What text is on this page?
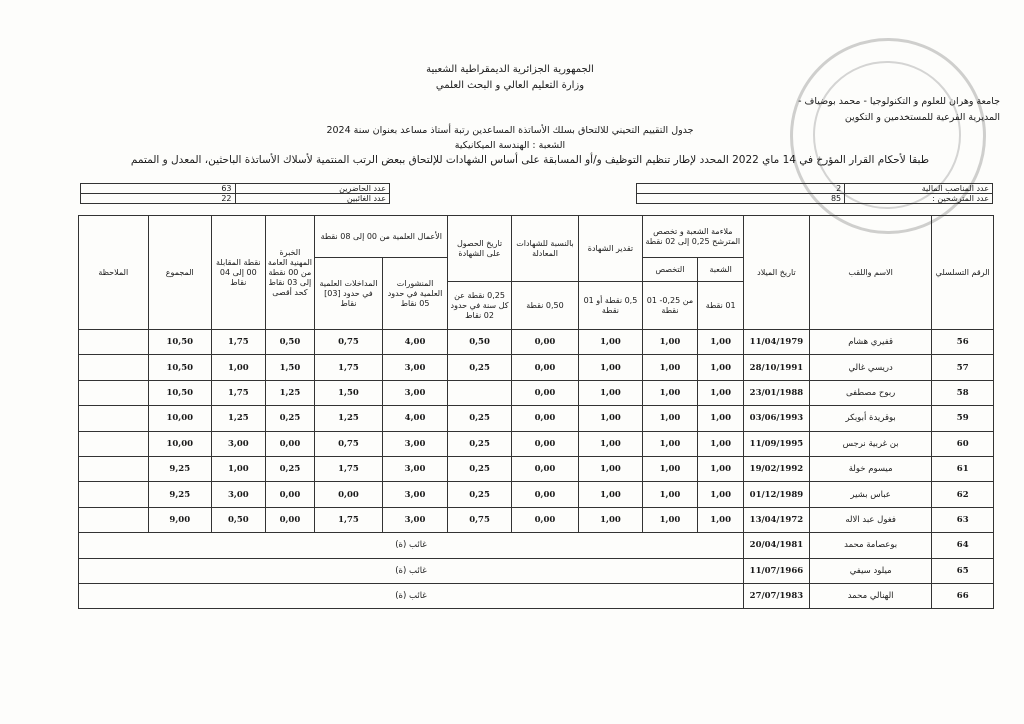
الجمهورية الجزائرية الديمقراطية الشعبية
وزارة التعليم العالي و البحث العلمي
جامعة وهران للعلوم و التكنولوجيا - محمد بوضياف -
المديرية الفرعية للمستخدمين و التكوين
جدول التقييم التحيني للالتحاق بسلك الأساتذة المساعدين رتبة أستاذ مساعد بعنوان سنة 2024
الشعبة : الهندسة الميكانيكية
طبقا لأحكام القرار المؤرخ في 14 ماي 2022 المحدد لإطار تنظيم التوظيف و/أو المسابقة على أساس الشهادات للإلتحاق ببعض الرتب المنتمية لأسلاك الأساتذة الباحثين، المعدل و المتمم
63	عدد الحاضرين
22	عدد الغائبين
2	عدد المناصب المالية
85	عدد المترشحين :
الرقم التسلسلي	الاسم واللقب	تاريخ الميلاد	ملاءمة الشعبة و تخصص المترشح 0,25 إلى 02 نقطة		تقدير الشهادة	بالنسبة للشهادات المعادلة	تاريخ الحصول على الشهادة	الأعمال العلمية من 00 إلى 08 نقطة		الخبرة المهنية العامة من 00 نقطة إلى 03 نقاط كحد أقصى	نقطة المقابلة 00 إلى 04 نقاط	المجموع	الملاحظة
			الشعبة	التخصص				المنشورات العلمية في حدود 05 نقاط	المداخلات العلمية في حدود [03] نقاط				
			01 نقطة	من 0,25- 01 نقطة	0,5 نقطة أو 01 نقطة	0,50 نقطة	0,25 نقطة عن كل سنة في حدود 02 نقاط						
56	قفيري هشام	11/04/1979	1,00	1,00	1,00	0,00	0,50	4,00	0,75	0,50	1,75	10,50	
57	دريسي غالي	28/10/1991	1,00	1,00	1,00	0,00	0,25	3,00	1,75	1,50	1,00	10,50	
58	ربوح مصطفى	23/01/1988	1,00	1,00	1,00	0,00		3,00	1,50	1,25	1,75	10,50	
59	بوقريدة أبوبكر	03/06/1993	1,00	1,00	1,00	0,00	0,25	4,00	1,25	0,25	1,25	10,00	
60	بن غربية نرجس	11/09/1995	1,00	1,00	1,00	0,00	0,25	3,00	0,75	0,00	3,00	10,00	
61	ميسوم خولة	19/02/1992	1,00	1,00	1,00	0,00	0,25	3,00	1,75	0,25	1,00	9,25	
62	عباس بشير	01/12/1989	1,00	1,00	1,00	0,00	0,25	3,00	0,00	0,00	3,00	9,25	
63	فغول عبد الاله	13/04/1972	1,00	1,00	1,00	0,00	0,75	3,00	1,75	0,00	0,50	9,00	
64	بوعصامة محمد	20/04/1981	غائب (ة)										
65	ميلود سيفي	11/07/1966	غائب (ة)										
66	الهنالي محمد	27/07/1983	غائب (ة)										
